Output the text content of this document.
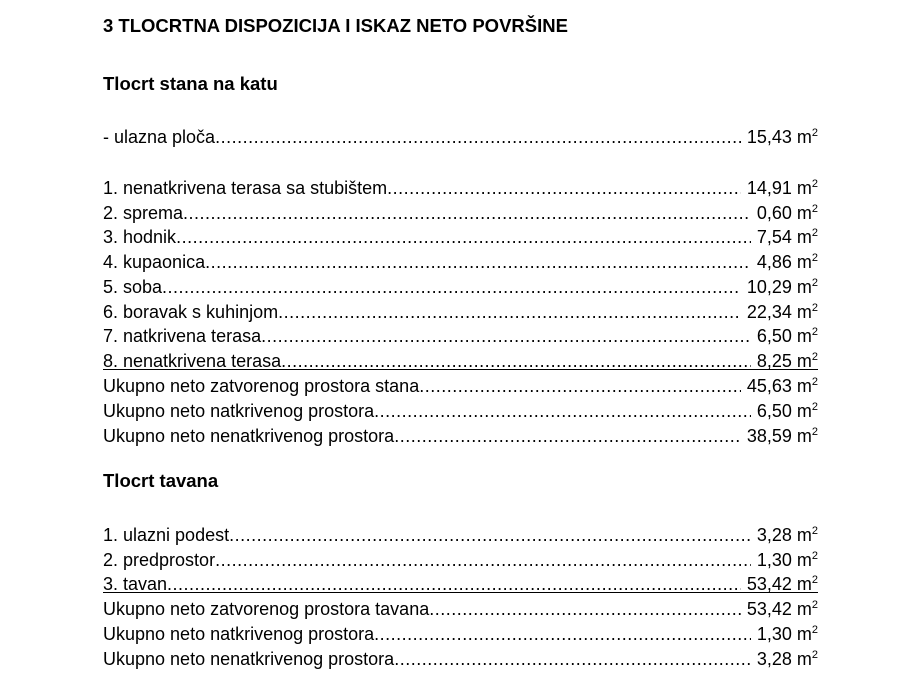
3 TLOCRTNA DISPOZICIJA I ISKAZ NETO POVRŠINE
Tlocrt stana na katu
- ulazna ploča .....	15,43 $m^2$
1. nenatkrivena terasa sa stubištem .....	14,91 $m^2$
2. sprema .....	0,60 $m^2$
3. hodnik .....	7,54 $m^2$
4. kupaonica .....	4,86 $m^2$
5. soba .....	10,29 $m^2$
6. boravak s kuhinjom .....	22,34 $m^2$
7. natkrivena terasa .....	6,50 $m^2$
8. nenatkrivena terasa .....	8,25 $m^2$
Ukupno neto zatvorenog prostora stana .....	45,63 $m^2$
Ukupno neto natkrivenog prostora .....	6,50 $m^2$
Ukupno neto nenatkrivenog prostora .....	38,59 $m^2$
Tlocrt tavana
1. ulazni podest .....	3,28 $m^2$
2. predprostor .....	1,30 $m^2$
3. tavan .....	53,42 $m^2$
Ukupno neto zatvorenog prostora tavana .....	53,42 $m^2$
Ukupno neto natkrivenog prostora .....	1,30 $m^2$
Ukupno neto nenatkrivenog prostora .....	3,28 $m^2$
